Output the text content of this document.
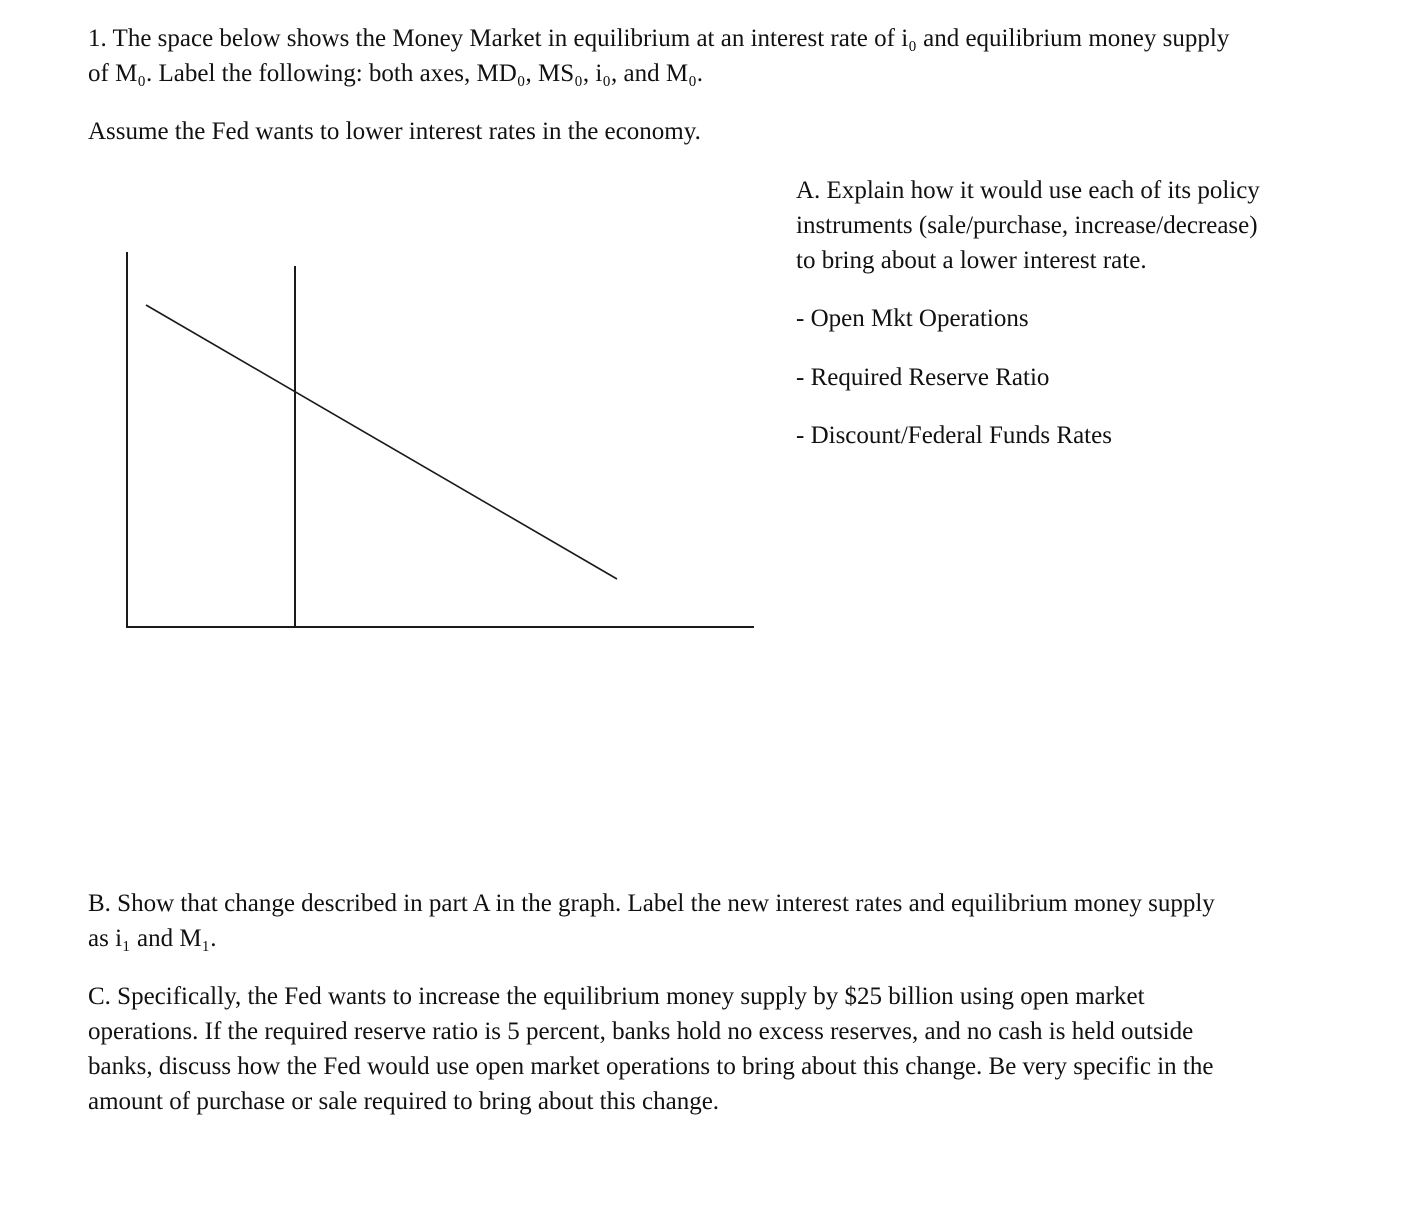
1. The space below shows the Money Market in equilibrium at an interest rate of i₀ and equilibrium money supply
of M₀. Label the following: both axes, MD₀, MS₀, i₀, and M₀.

Assume the Fed wants to lower interest rates in the economy.

A. Explain how it would use each of its policy
instruments (sale/purchase, increase/decrease)
to bring about a lower interest rate.

- Open Mkt Operations

- Required Reserve Ratio

- Discount/Federal Funds Rates

B. Show that change described in part A in the graph. Label the new interest rates and equilibrium money supply
as i₁ and M₁.
C. Specifically, the Fed wants to increase the equilibrium money supply by $25 billion using open market
operations. If the required reserve ratio is 5 percent, banks hold no excess reserves, and no cash is held outside
banks, discuss how the Fed would use open market operations to bring about this change. Be very specific in the
amount of purchase or sale required to bring about this change.
